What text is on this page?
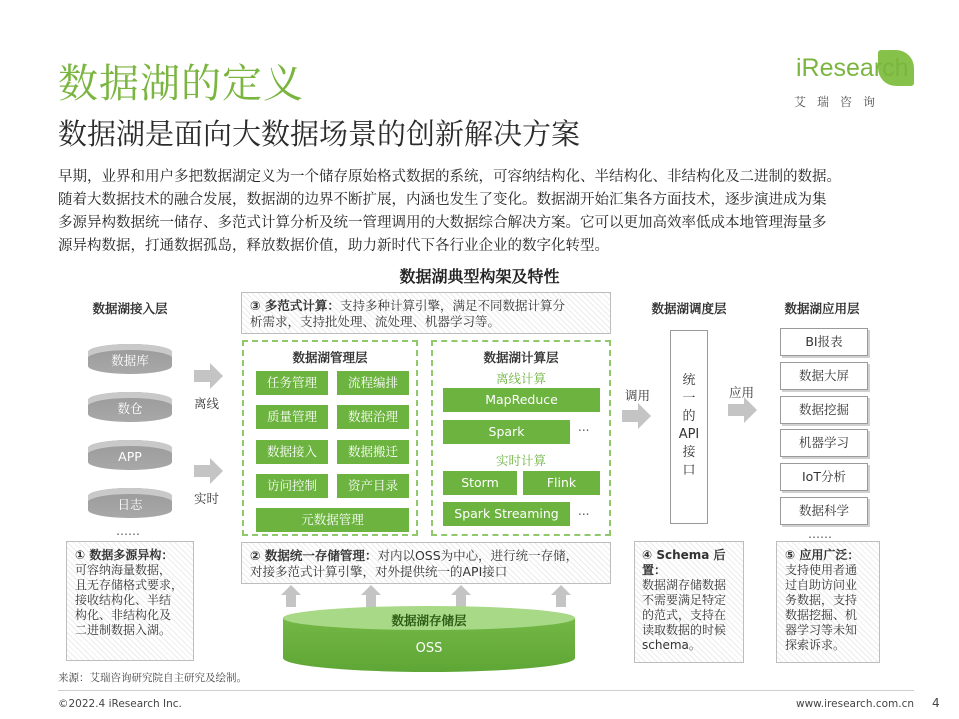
数据湖的定义
数据湖是面向大数据场景的创新解决方案
iResearch
艾瑞咨询

早期，业界和用户多把数据湖定义为一个储存原始格式数据的系统，可容纳结构化、半结构化、非结构化及二进制的数据。

随着大数据技术的融合发展，数据湖的边界不断扩展，内涵也发生了变化。数据湖开始汇集各方面技术，逐步演进成为集

多源异构数据统一储存、多范式计算分析及统一管理调用的大数据综合解决方案。它可以更加高效率低成本地管理海量多

源异构数据，打通数据孤岛，释放数据价值，助力新时代下各行业企业的数字化转型。

数据湖典型构架及特性
数据湖接入层
数据库
数仓
APP
日志
……
离线
实时
① 数据多源异构：
可容纳海量数据，
且无存储格式要求，
接收结构化、半结
构化、非结构化及
二进制数据入湖。
③ 多范式计算：支持多种计算引擎，满足不同数据计算分
析需求，支持批处理、流处理、机器学习等。
数据湖管理层
任务管理	流程编排
质量管理	数据治理
数据接入	数据搬迁
访问控制	资产目录
元数据管理
数据湖计算层
离线计算
MapReduce
Spark	...
实时计算
Storm	Flink
Spark Streaming	...
② 数据统一存储管理：对内以OSS为中心，进行统一存储，
对接多范式计算引擎，对外提供统一的API接口
数据湖存储层
OSS
调用
数据湖调度层
统
一
的
API
接
口
应用
④ Schema 后置：
数据湖存储数据
不需要满足特定
的范式，支持在
读取数据的时候
schema。
数据湖应用层
BI报表
数据大屏
数据挖掘
机器学习
IoT分析
数据科学
……
⑤ 应用广泛：
支持使用者通
过自助访问业
务数据，支持
数据挖掘、机
器学习等未知
探索诉求。
来源：艾瑞咨询研究院自主研究及绘制。
©2022.4 iResearch Inc.	www.iresearch.com.cn 4
